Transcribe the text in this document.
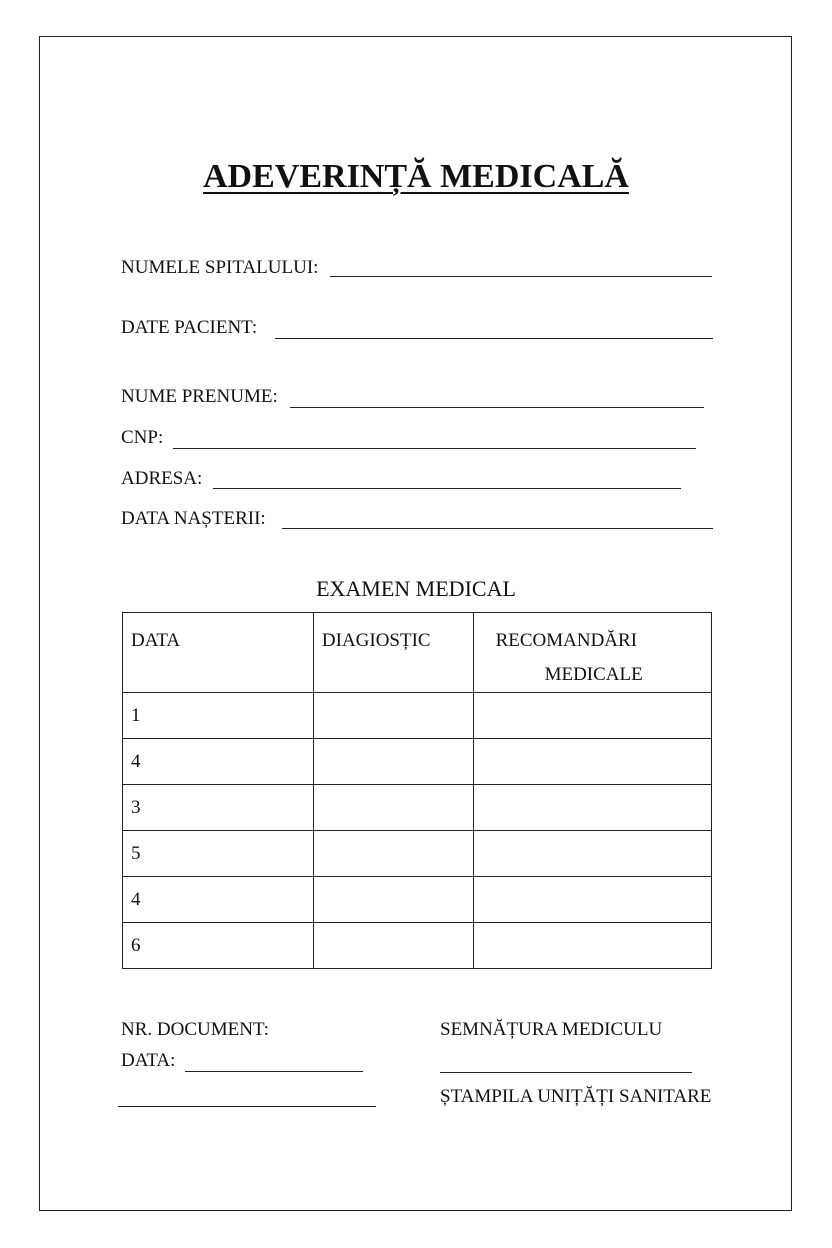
ADEVERINȚĂ MEDICALĂ
NUMELE SPITALULUI:
DATE PACIENT:
NUME PRENUME:
CNP:
ADRESA:
DATA NAȘTERII:
EXAMEN MEDICAL
DATA	DIAGIOSȚIC	RECOMANDĂRI
MEDICALE

1		

4		

3		

5		

4		

6		

NR. DOCUMENT:
DATA:
SEMNĂȚURA MEDICULU
ȘTAMPILA UNIȚĂȚI SANITARE
